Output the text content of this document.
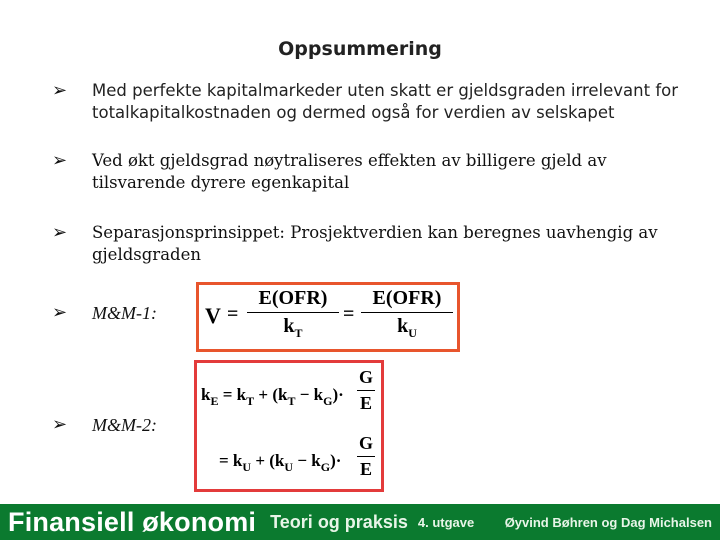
Oppsummering
➢	Med perfekte kapitalmarkeder uten skatt er gjeldsgraden irrelevant for totalkapitalkostnaden og dermed også for verdien av selskapet
➢	Ved økt gjeldsgrad nøytraliseres effekten av billigere gjeld av tilsvarende dyrere egenkapital
➢	Separasjonsprinsippet: Prosjektverdien kan beregnes uavhengig av gjeldsgraden
➢	M&M-1:
➢	M&M-2:
V =
E(OFR)
$k_T$
=
E(OFR)
$k_U$
$k_E = k_T + (k_T - k_G)\cdot$
G
E
= $k_U + (k_U - k_G)\cdot$
G
E
Finansiell økonomi Teori og praksis 4. utgave Øyvind Bøhren og Dag Michalsen
